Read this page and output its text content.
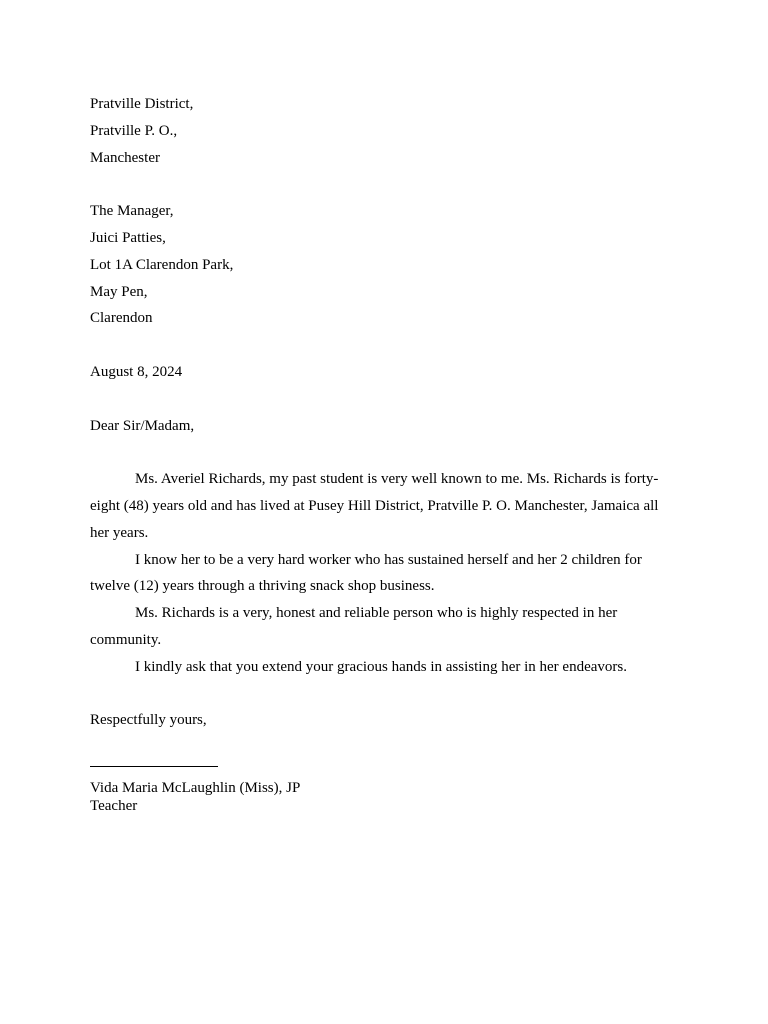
Pratville District,
Pratville P. O.,
Manchester
The Manager,
Juici Patties,
Lot 1A Clarendon Park,
May Pen,
Clarendon
August 8, 2024
Dear Sir/Madam,

Ms. Averiel Richards, my past student is very well known to me. Ms. Richards is forty-eight (48) years old and has lived at Pusey Hill District, Pratville P. O. Manchester, Jamaica all her years.

I know her to be a very hard worker who has sustained herself and her 2 children for twelve (12) years through a thriving snack shop business.

Ms. Richards is a very, honest and reliable person who is highly respected in her community.

I kindly ask that you extend your gracious hands in assisting her in her endeavors.

Respectfully yours,
Vida Maria McLaughlin (Miss), JP
Teacher
